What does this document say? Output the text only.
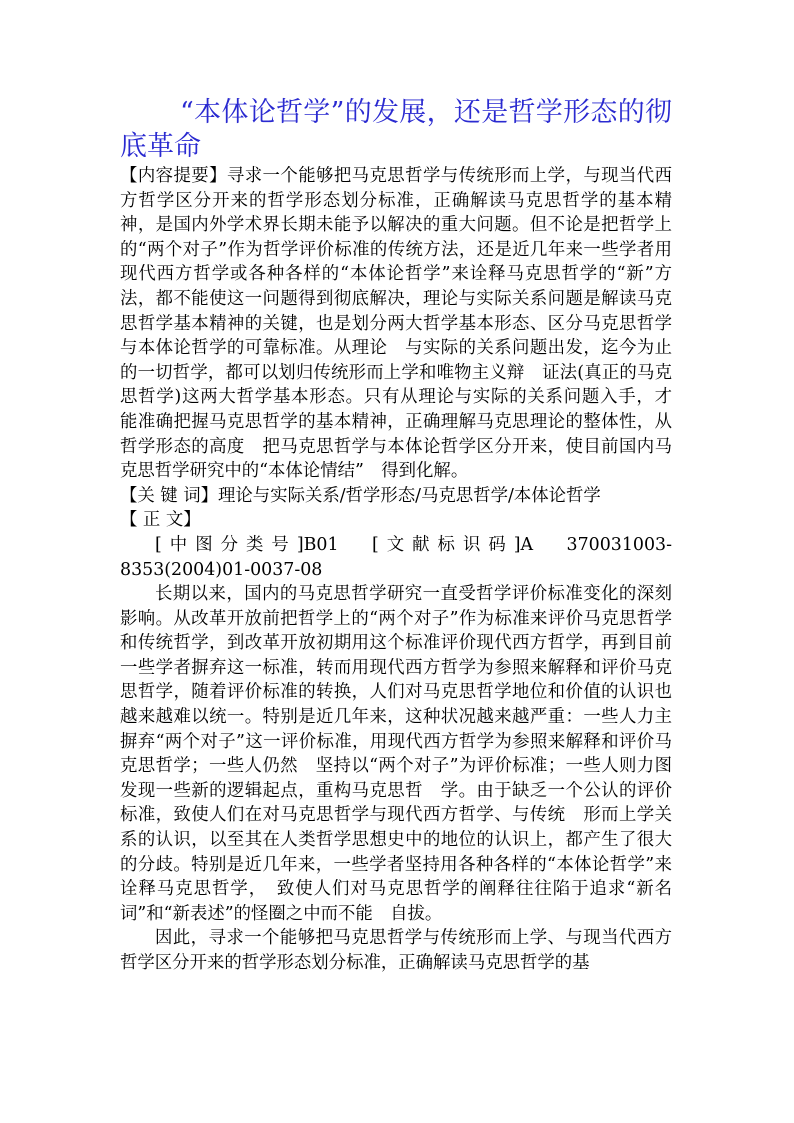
“本体论哲学”的发展，还是哲学形态的彻底革命

【内容提要】寻求一个能够把马克思哲学与传统形而上学，与现当代西方哲学区分开来的哲学形态划分标准，正确解读马克思哲学的基本精神，是国内外学术界长期未能予以解决的重大问题。但不论是把哲学上的“两个对子”作为哲学评价标准的传统方法，还是近几年来一些学者用现代西方哲学或各种各样的“本体论哲学”来诠释马克思哲学的“新”方法，都不能使这一问题得到彻底解决，理论与实际关系问题是解读马克思哲学基本精神的关键，也是划分两大哲学基本形态、区分马克思哲学与本体论哲学的可靠标准。从理论　与实际的关系问题出发，迄今为止的一切哲学，都可以划归传统形而上学和唯物主义辩　证法(真正的马克思哲学)这两大哲学基本形态。只有从理论与实际的关系问题入手，才　能准确把握马克思哲学的基本精神，正确理解马克思理论的整体性，从哲学形态的高度　把马克思哲学与本体论哲学区分开来，使目前国内马克思哲学研究中的“本体论情结”　得到化解。

【关 键 词】理论与实际关系/哲学形态/马克思哲学/本体论哲学

【 正 文】

[中图分类号]B01　[文献标识码]A　370031003-8353(2004)01-0037-08

长期以来，国内的马克思哲学研究一直受哲学评价标准变化的深刻影响。从改革开放前把哲学上的“两个对子”作为标准来评价马克思哲学和传统哲学，到改革开放初期用这个标准评价现代西方哲学，再到目前一些学者摒弃这一标准，转而用现代西方哲学为参照来解释和评价马克思哲学，随着评价标准的转换，人们对马克思哲学地位和价值的认识也越来越难以统一。特别是近几年来，这种状况越来越严重：一些人力主摒弃“两个对子”这一评价标准，用现代西方哲学为参照来解释和评价马克思哲学；一些人仍然　坚持以“两个对子”为评价标准；一些人则力图发现一些新的逻辑起点，重构马克思哲　学。由于缺乏一个公认的评价标准，致使人们在对马克思哲学与现代西方哲学、与传统　形而上学关系的认识，以至其在人类哲学思想史中的地位的认识上，都产生了很大的分歧。特别是近几年来，一些学者坚持用各种各样的“本体论哲学”来诠释马克思哲学，　致使人们对马克思哲学的阐释往往陷于追求“新名词”和“新表述”的怪圈之中而不能　自拔。

因此，寻求一个能够把马克思哲学与传统形而上学、与现当代西方哲学区分开来的哲学形态划分标准，正确解读马克思哲学的基
